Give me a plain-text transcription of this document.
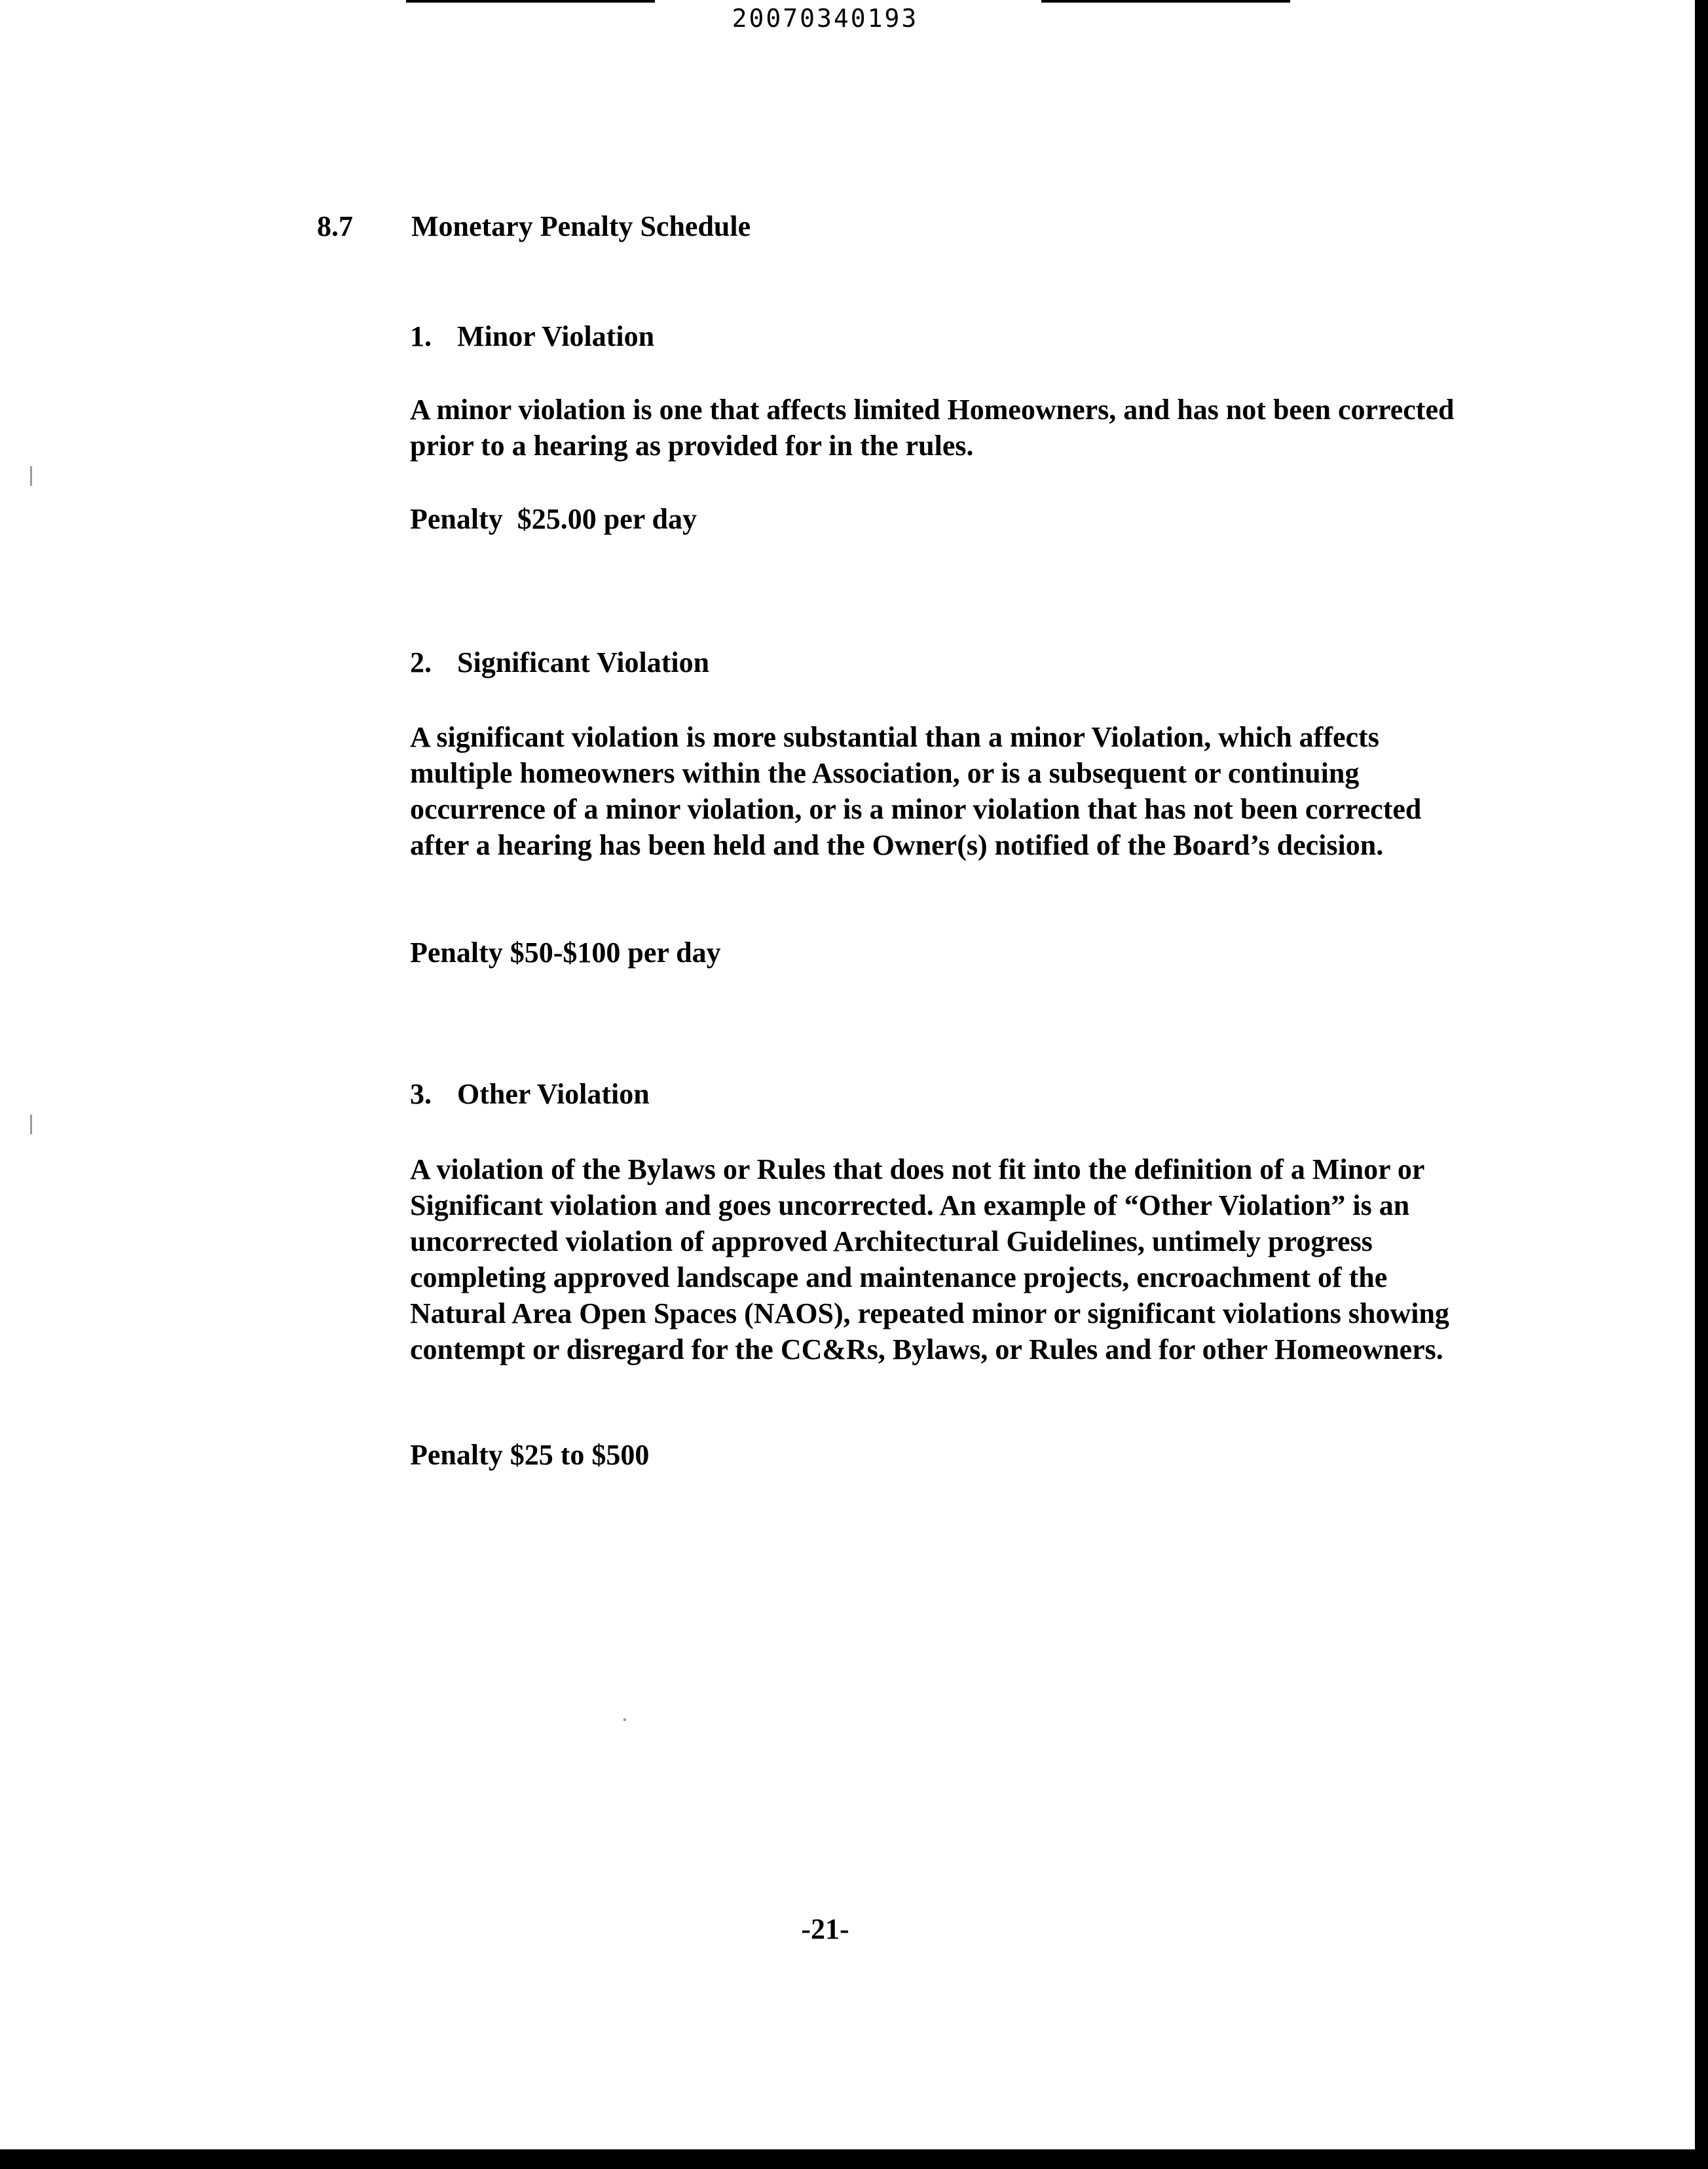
20070340193
8.7 Monetary Penalty Schedule
1. Minor Violation

A minor violation is one that affects limited Homeowners, and has not been corrected prior to a hearing as provided for in the rules.

Penalty  $25.00 per day
2. Significant Violation

A significant violation is more substantial than a minor Violation, which affects multiple homeowners within the Association, or is a subsequent or continuing occurrence of a minor violation, or is a minor violation that has not been corrected after a hearing has been held and the Owner(s) notified of the Board’s decision.

Penalty $50-$100 per day
3. Other Violation

A violation of the Bylaws or Rules that does not fit into the definition of a Minor or Significant violation and goes uncorrected. An example of “Other Violation” is an uncorrected violation of approved Architectural Guidelines, untimely progress completing approved landscape and maintenance projects, encroachment of the Natural Area Open Spaces (NAOS), repeated minor or significant violations showing contempt or disregard for the CC&Rs, Bylaws, or Rules and for other Homeowners.

Penalty $25 to $500
-21-
